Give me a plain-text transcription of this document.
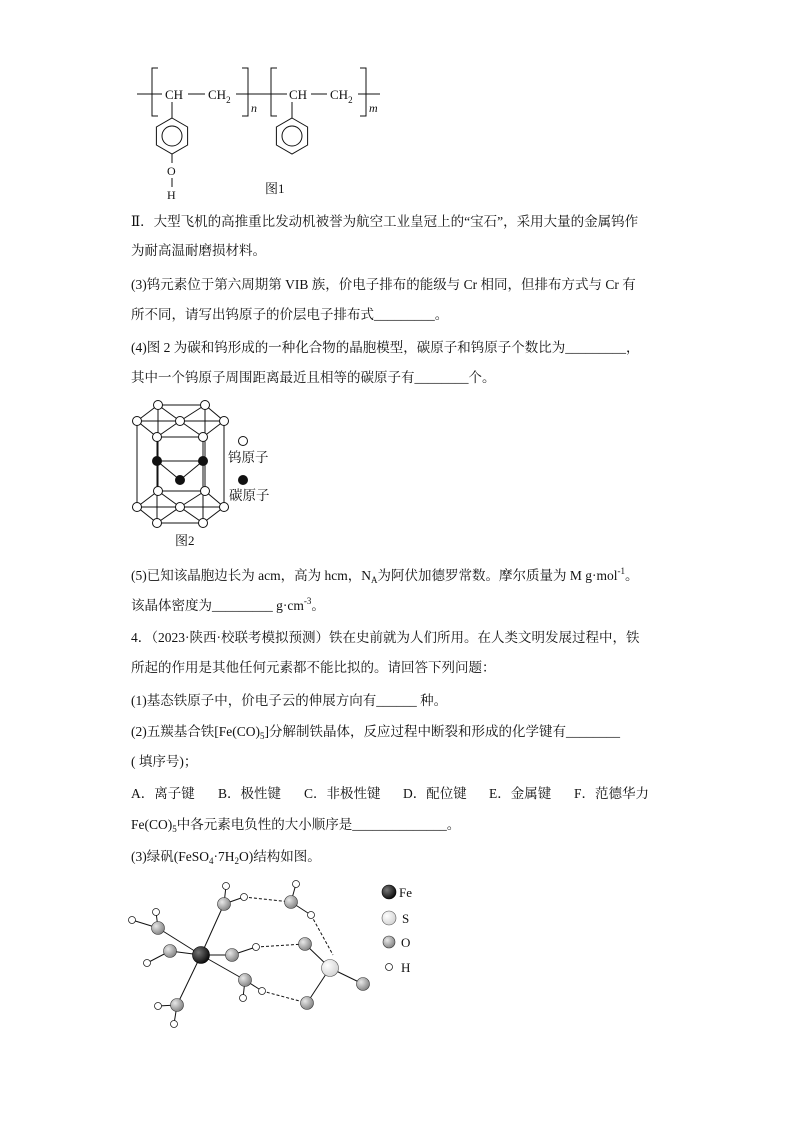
CH $CH_2$
n
CH $CH_2$
m
O
H	图1
Ⅱ．大型飞机的高推重比发动机被誉为航空工业皇冠上的“宝石”，采用大量的金属钨作
为耐高温耐磨损材料。
(3)钨元素位于第六周期第 VIB 族，价电子排布的能级与 Cr 相同，但排布方式与 Cr 有
所不同，请写出钨原子的价层电子排布式_________。
(4)图 2 为碳和钨形成的一种化合物的晶胞模型，碳原子和钨原子个数比为_________，
其中一个钨原子周围距离最近且相等的碳原子有________个。
钨原子
碳原子
图2
(5)已知该晶胞边长为 acm，高为 hcm，$N_A$为阿伏加德罗常数。摩尔质量为 M g·mol$^{-1}$。
该晶体密度为_________ $g\cdot cm^{-3}$。
4．（2023·陕西·校联考模拟预测）铁在史前就为人们所用。在人类文明发展过程中，铁
所起的作用是其他任何元素都不能比拟的。请回答下列问题：
(1)基态铁原子中，价电子云的伸展方向有______ 种。
(2)五羰基合铁$[Fe(CO)_5]$分解制铁晶体，反应过程中断裂和形成的化学键有________
( 填序号)；
A．离子键 B．极性键 C．非极性键 D．配位键 E．金属键 F．范德华力
$Fe(CO)_5$中各元素电负性的大小顺序是______________。
(3)绿矾$(FeSO_4\cdot 7H_2O)$结构如图。
Fe
S
O
H
